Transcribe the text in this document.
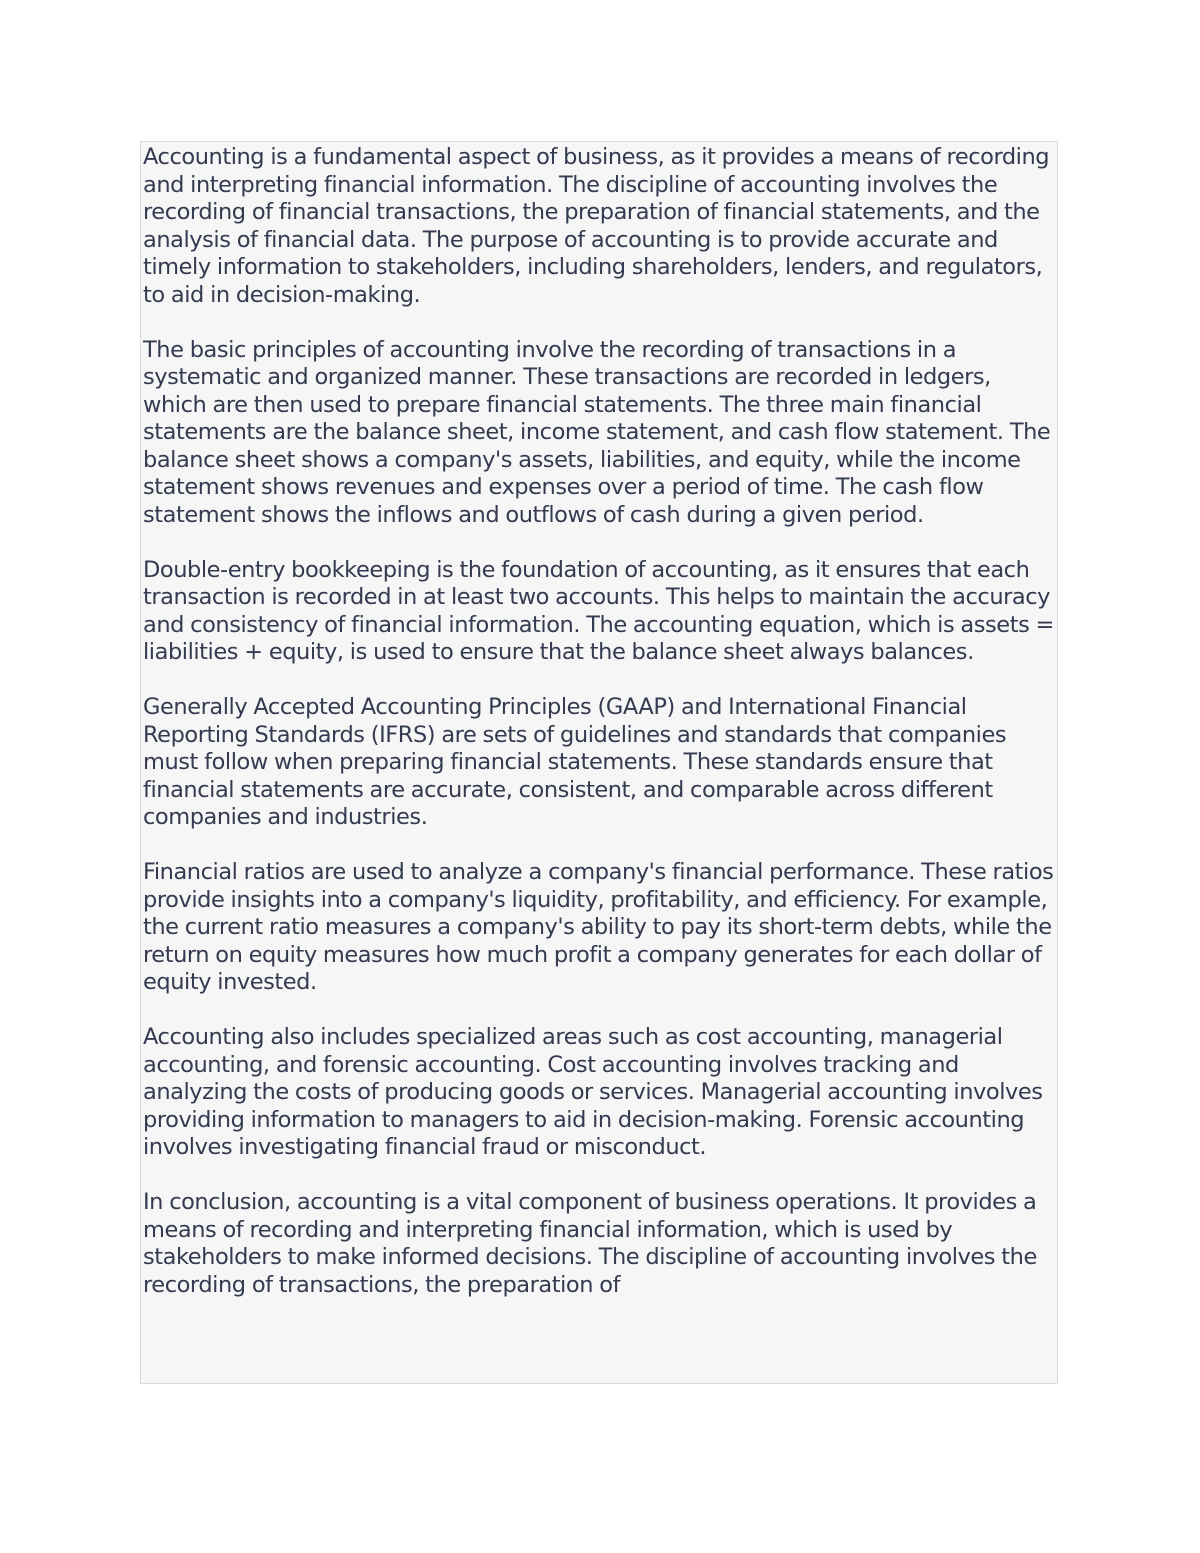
Accounting is a fundamental aspect of business, as it provides a means of recording and interpreting financial information. The discipline of accounting involves the recording of financial transactions, the preparation of financial statements, and the analysis of financial data. The purpose of accounting is to provide accurate and timely information to stakeholders, including shareholders, lenders, and regulators, to aid in decision-making.

The basic principles of accounting involve the recording of transactions in a systematic and organized manner. These transactions are recorded in ledgers, which are then used to prepare financial statements. The three main financial statements are the balance sheet, income statement, and cash flow statement. The balance sheet shows a company's assets, liabilities, and equity, while the income statement shows revenues and expenses over a period of time. The cash flow statement shows the inflows and outflows of cash during a given period.

Double-entry bookkeeping is the foundation of accounting, as it ensures that each transaction is recorded in at least two accounts. This helps to maintain the accuracy and consistency of financial information. The accounting equation, which is assets = liabilities + equity, is used to ensure that the balance sheet always balances.

Generally Accepted Accounting Principles (GAAP) and International Financial Reporting Standards (IFRS) are sets of guidelines and standards that companies must follow when preparing financial statements. These standards ensure that financial statements are accurate, consistent, and comparable across different companies and industries.

Financial ratios are used to analyze a company's financial performance. These ratios provide insights into a company's liquidity, profitability, and efficiency. For example, the current ratio measures a company's ability to pay its short-term debts, while the return on equity measures how much profit a company generates for each dollar of equity invested.

Accounting also includes specialized areas such as cost accounting, managerial accounting, and forensic accounting. Cost accounting involves tracking and analyzing the costs of producing goods or services. Managerial accounting involves providing information to managers to aid in decision-making. Forensic accounting involves investigating financial fraud or misconduct.

In conclusion, accounting is a vital component of business operations. It provides a means of recording and interpreting financial information, which is used by stakeholders to make informed decisions. The discipline of accounting involves the recording of transactions, the preparation of
